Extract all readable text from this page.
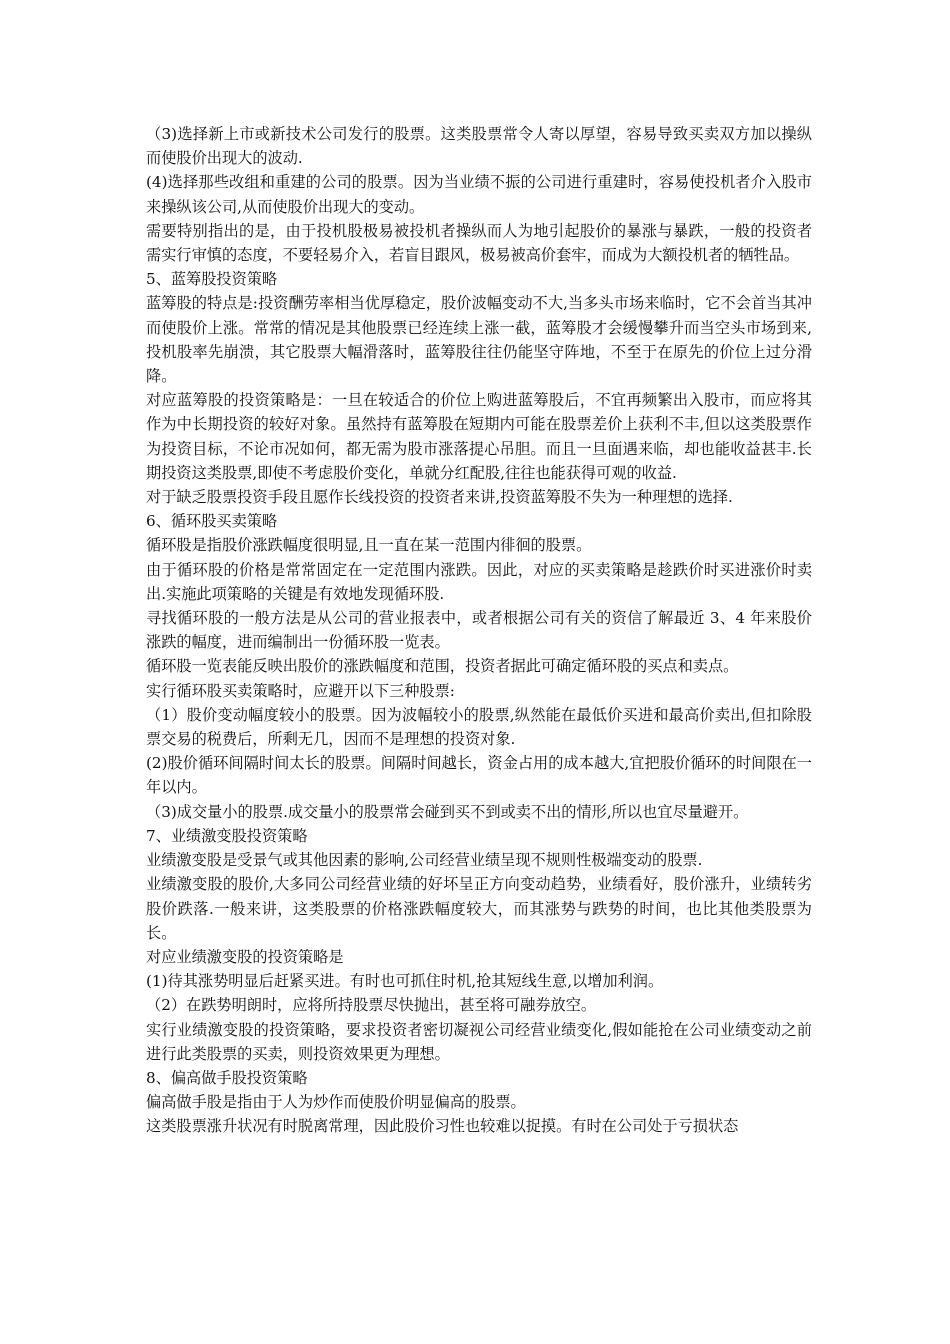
（3)选择新上市或新技术公司发行的股票。这类股票常令人寄以厚望，容易导致买卖双方加以操纵而使股价出现大的波动.

(4)选择那些改组和重建的公司的股票。因为当业绩不振的公司进行重建时，容易使投机者介入股市来操纵该公司,从而使股价出现大的变动。

需要特别指出的是，由于投机股极易被投机者操纵而人为地引起股价的暴涨与暴跌，一般的投资者需实行审慎的态度，不要轻易介入，若盲目跟风，极易被高价套牢，而成为大额投机者的牺牲品。

5、蓝筹股投资策略

蓝筹股的特点是:投资酬劳率相当优厚稳定，股价波幅变动不大,当多头市场来临时，它不会首当其冲而使股价上涨。常常的情况是其他股票已经连续上涨一截，蓝筹股才会缓慢攀升而当空头市场到来,投机股率先崩溃，其它股票大幅滑落时，蓝筹股往往仍能坚守阵地，不至于在原先的价位上过分滑降。

对应蓝筹股的投资策略是：一旦在较适合的价位上购进蓝筹股后，不宜再频繁出入股市，而应将其作为中长期投资的较好对象。虽然持有蓝筹股在短期内可能在股票差价上获利不丰,但以这类股票作为投资目标，不论市况如何，都无需为股市涨落提心吊胆。而且一旦面遇来临，却也能收益甚丰.长期投资这类股票,即使不考虑股价变化，单就分红配股,往往也能获得可观的收益.

对于缺乏股票投资手段且愿作长线投资的投资者来讲,投资蓝筹股不失为一种理想的选择.

6、循环股买卖策略

循环股是指股价涨跌幅度很明显,且一直在某一范围内徘徊的股票。

由于循环股的价格是常常固定在一定范围内涨跌。因此，对应的买卖策略是趁跌价时买进涨价时卖出.实施此项策略的关键是有效地发现循环股.

寻找循环股的一般方法是从公司的营业报表中，或者根据公司有关的资信了解最近 3、4 年来股价涨跌的幅度，进而编制出一份循环股一览表。

循环股一览表能反映出股价的涨跌幅度和范围，投资者据此可确定循环股的买点和卖点。

实行循环股买卖策略时，应避开以下三种股票:

（1）股价变动幅度较小的股票。因为波幅较小的股票,纵然能在最低价买进和最高价卖出,但扣除股票交易的税费后，所剩无几，因而不是理想的投资对象.

(2)股价循环间隔时间太长的股票。间隔时间越长，资金占用的成本越大,宜把股价循环的时间限在一年以内。

（3)成交量小的股票.成交量小的股票常会碰到买不到或卖不出的情形,所以也宜尽量避开。

7、业绩激变股投资策略

业绩激变股是受景气或其他因素的影响,公司经营业绩呈现不规则性极端变动的股票.

业绩激变股的股价,大多同公司经营业绩的好坏呈正方向变动趋势，业绩看好，股价涨升，业绩转劣股价跌落.一般来讲，这类股票的价格涨跌幅度较大，而其涨势与跌势的时间，也比其他类股票为长。

对应业绩激变股的投资策略是

(1)待其涨势明显后赶紧买进。有时也可抓住时机,抢其短线生意,以增加利润。

（2）在跌势明朗时，应将所持股票尽快抛出，甚至将可融券放空。

实行业绩激变股的投资策略，要求投资者密切凝视公司经营业绩变化,假如能抢在公司业绩变动之前进行此类股票的买卖，则投资效果更为理想。

8、偏高做手股投资策略

偏高做手股是指由于人为炒作而使股价明显偏高的股票。

这类股票涨升状况有时脱离常理，因此股价习性也较难以捉摸。有时在公司处于亏损状态
